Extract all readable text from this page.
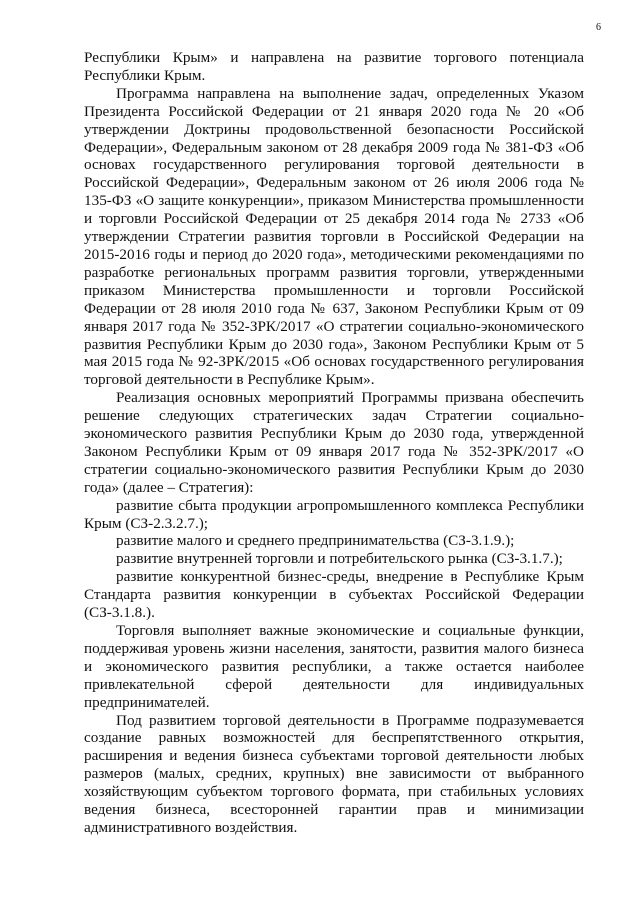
6

Республики Крым» и направлена на развитие торгового потенциала Республики Крым.

Программа направлена на выполнение задач, определенных Указом Президента Российской Федерации от 21 января 2020 года № 20 «Об утверждении Доктрины продовольственной безопасности Российской Федерации», Федеральным законом от 28 декабря 2009 года № 381-ФЗ «Об основах государственного регулирования торговой деятельности в Российской Федерации», Федеральным законом от 26 июля 2006 года № 135-ФЗ «О защите конкуренции», приказом Министерства промышленности и торговли Российской Федерации от 25 декабря 2014 года № 2733 «Об утверждении Стратегии развития торговли в Российской Федерации на 2015-2016 годы и период до 2020 года», методическими рекомендациями по разработке региональных программ развития торговли, утвержденными приказом Министерства промышленности и торговли Российской Федерации от 28 июля 2010 года № 637, Законом Республики Крым от 09 января 2017 года № 352-ЗРК/2017 «О стратегии социально-экономического развития Республики Крым до 2030 года», Законом Республики Крым от 5 мая 2015 года № 92-ЗРК/2015 «Об основах государственного регулирования торговой деятельности в Республике Крым».

Реализация основных мероприятий Программы призвана обеспечить решение следующих стратегических задач Стратегии социально-экономического развития Республики Крым до 2030 года, утвержденной Законом Республики Крым от 09 января 2017 года № 352-ЗРК/2017 «О стратегии социально-экономического развития Республики Крым до 2030 года» (далее – Стратегия):

развитие сбыта продукции агропромышленного комплекса Республики Крым (СЗ-2.3.2.7.);

развитие малого и среднего предпринимательства (СЗ-3.1.9.);

развитие внутренней торговли и потребительского рынка (СЗ-3.1.7.);

развитие конкурентной бизнес-среды, внедрение в Республике Крым Стандарта развития конкуренции в субъектах Российской Федерации (СЗ-3.1.8.).

Торговля выполняет важные экономические и социальные функции, поддерживая уровень жизни населения, занятости, развития малого бизнеса и экономического развития республики, а также остается наиболее привлекательной сферой деятельности для индивидуальных предпринимателей.

Под развитием торговой деятельности в Программе подразумевается создание равных возможностей для беспрепятственного открытия, расширения и ведения бизнеса субъектами торговой деятельности любых размеров (малых, средних, крупных) вне зависимости от выбранного хозяйствующим субъектом торгового формата, при стабильных условиях ведения бизнеса, всесторонней гарантии прав и минимизации административного воздействия.
